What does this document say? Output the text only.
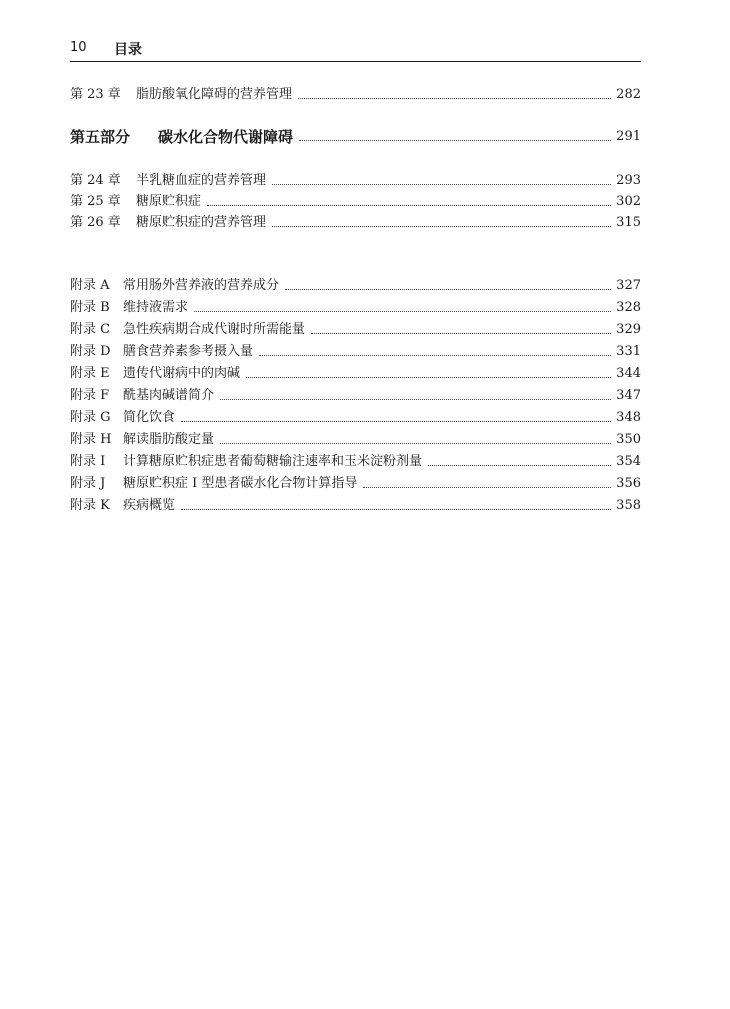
10 目录
第 23 章	脂肪酸氧化障碍的营养管理	282
第五部分	碳水化合物代谢障碍	291
第 24 章	半乳糖血症的营养管理	293
第 25 章	糖原贮积症	302
第 26 章	糖原贮积症的营养管理	315
附录 A	常用肠外营养液的营养成分	327
附录 B	维持液需求	328
附录 C 急性疾病期合成代谢时所需能量	329
附录 D 膳食营养素参考摄入量	331
附录 E	遗传代谢病中的肉碱	344
附录 F	酰基肉碱谱简介	347
附录 G 简化饮食	348
附录 H 解读脂肪酸定量	350
附录 I	计算糖原贮积症患者葡萄糖输注速率和玉米淀粉剂量	354
附录 J	糖原贮积症 I 型患者碳水化合物计算指导	356
附录 K	疾病概览	358
